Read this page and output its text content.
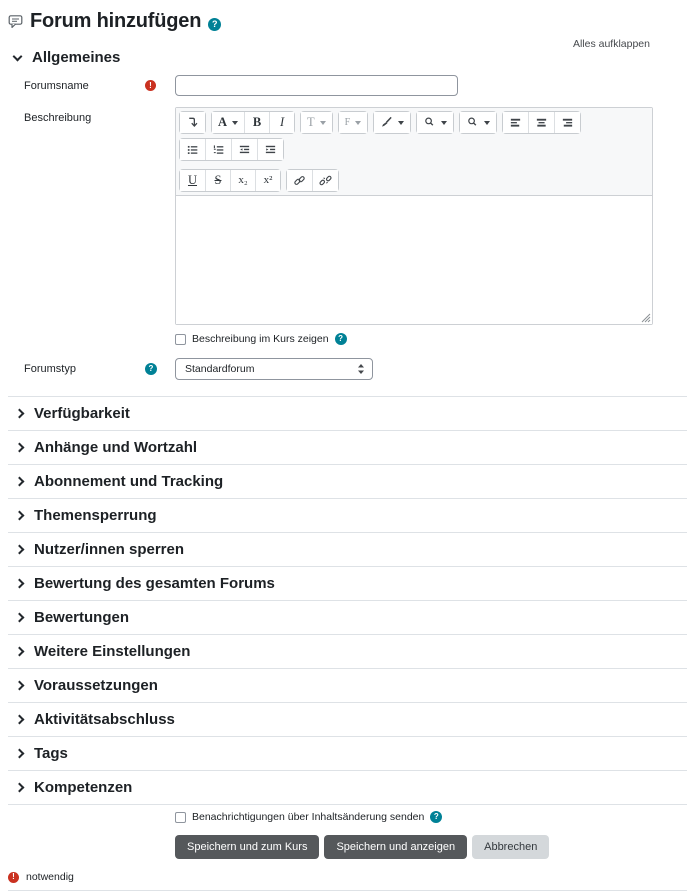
Forum hinzufügen	?
Alles aufklappen
Allgemeines
Forumsname	!
Beschreibung	A B I T	F
U S x₂ x²
Beschreibung im Kurs zeigen	?
Forumstyp	?	Standardforum
Verfügbarkeit
Anhänge und Wortzahl
Abonnement und Tracking
Themensperrung
Nutzer/innen sperren
Bewertung des gesamten Forums
Bewertungen
Weitere Einstellungen
Voraussetzungen
Aktivitätsabschluss
Tags
Kompetenzen
Benachrichtigungen über Inhaltsänderung senden	?
Speichern und zum Kurs	Speichern und anzeigen	Abbrechen
!	notwendig
